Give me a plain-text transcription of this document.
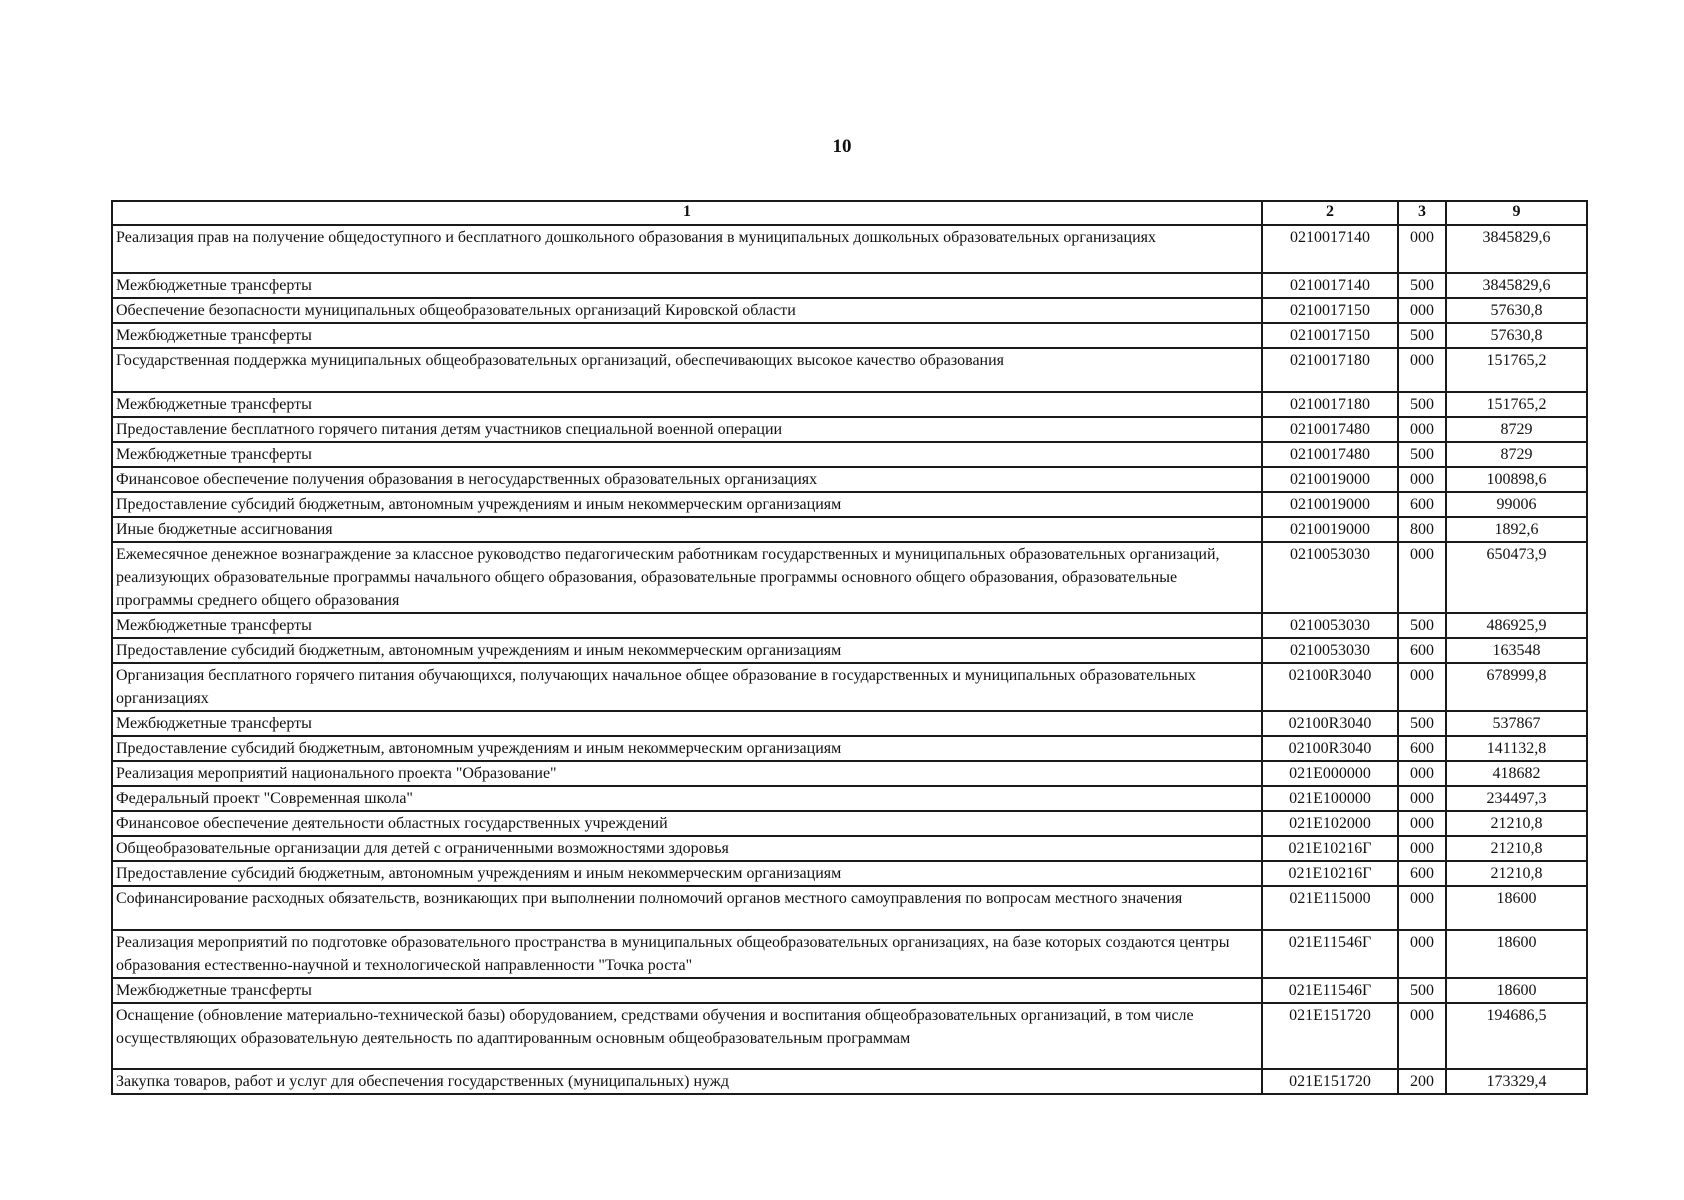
10
1	2	3	9
Реализация прав на получение общедоступного и бесплатного дошкольного образования в муниципальных дошкольных образовательных организациях	0210017140	000	3845829,6
Межбюджетные трансферты	0210017140	500	3845829,6
Обеспечение безопасности муниципальных общеобразовательных организаций Кировской области	0210017150	000	57630,8
Межбюджетные трансферты	0210017150	500	57630,8
Государственная поддержка муниципальных общеобразовательных организаций, обеспечивающих высокое качество образования	0210017180	000	151765,2
Межбюджетные трансферты	0210017180	500	151765,2
Предоставление бесплатного горячего питания детям участников специальной военной операции	0210017480	000	8729
Межбюджетные трансферты	0210017480	500	8729
Финансовое обеспечение получения образования в негосударственных образовательных организациях	0210019000	000	100898,6
Предоставление субсидий бюджетным, автономным учреждениям и иным некоммерческим организациям	0210019000	600	99006
Иные бюджетные ассигнования	0210019000	800	1892,6
Ежемесячное денежное вознаграждение за классное руководство педагогическим работникам государственных и муниципальных образовательных организаций, реализующих образовательные программы начального общего образования, образовательные программы основного общего образования, образовательные программы среднего общего образования	0210053030	000	650473,9
Межбюджетные трансферты	0210053030	500	486925,9
Предоставление субсидий бюджетным, автономным учреждениям и иным некоммерческим организациям	0210053030	600	163548
Организация бесплатного горячего питания обучающихся, получающих начальное общее образование в государственных и муниципальных образовательных организациях	02100R3040	000	678999,8
Межбюджетные трансферты	02100R3040	500	537867
Предоставление субсидий бюджетным, автономным учреждениям и иным некоммерческим организациям	02100R3040	600	141132,8
Реализация мероприятий национального проекта "Образование"	021E000000	000	418682
Федеральный проект "Современная школа"	021E100000	000	234497,3
Финансовое обеспечение деятельности областных государственных учреждений	021E102000	000	21210,8
Общеобразовательные организации для детей с ограниченными возможностями здоровья	021E10216Г	000	21210,8
Предоставление субсидий бюджетным, автономным учреждениям и иным некоммерческим организациям	021E10216Г	600	21210,8
Софинансирование расходных обязательств, возникающих при выполнении полномочий органов местного самоуправления по вопросам местного значения	021E115000	000	18600
Реализация мероприятий по подготовке образовательного пространства в муниципальных общеобразовательных организациях, на базе которых создаются центры образования естественно-научной и технологической направленности "Точка роста"	021E11546Г	000	18600
Межбюджетные трансферты	021E11546Г	500	18600
Оснащение (обновление материально-технической базы) оборудованием, средствами обучения и воспитания общеобразовательных организаций, в том числе осуществляющих образовательную деятельность по адаптированным основным общеобразовательным программам	021E151720	000	194686,5
Закупка товаров, работ и услуг для обеспечения государственных (муниципальных) нужд	021E151720	200	173329,4
